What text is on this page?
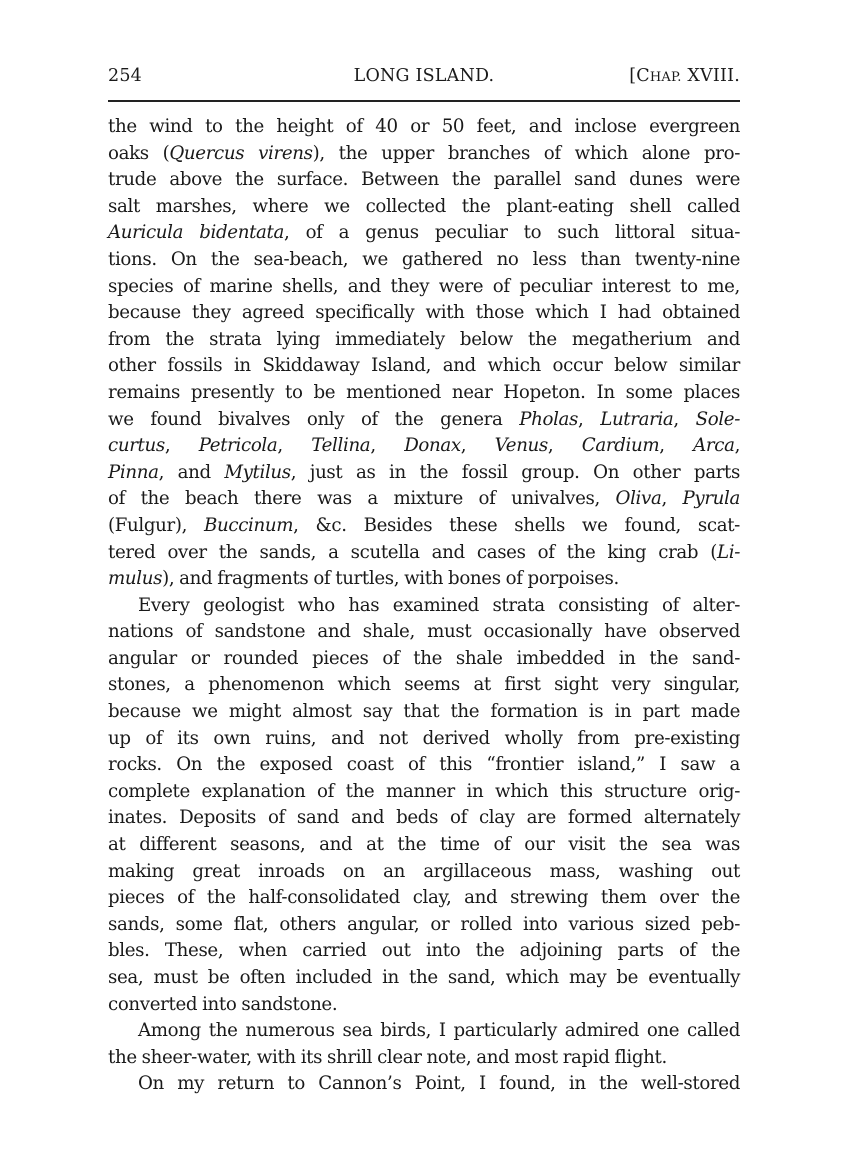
254	LONG ISLAND.	[CHAP. XVIII.
the wind to the height of 40 or 50 feet, and inclose evergreen
oaks (Quercus virens), the upper branches of which alone pro-
trude above the surface. Between the parallel sand dunes were
salt marshes, where we collected the plant-eating shell called
Auricula bidentata, of a genus peculiar to such littoral situa-
tions. On the sea-beach, we gathered no less than twenty-nine
species of marine shells, and they were of peculiar interest to me,
because they agreed specifically with those which I had obtained
from the strata lying immediately below the megatherium and
other fossils in Skiddaway Island, and which occur below similar
remains presently to be mentioned near Hopeton. In some places
we found bivalves only of the genera Pholas, Lutraria, Sole-
curtus, Petricola, Tellina, Donax, Venus, Cardium, Arca,
Pinna, and Mytilus, just as in the fossil group. On other parts
of the beach there was a mixture of univalves, Oliva, Pyrula
(Fulgur), Buccinum, &c. Besides these shells we found, scat-
tered over the sands, a scutella and cases of the king crab (Li-
mulus), and fragments of turtles, with bones of porpoises.
Every geologist who has examined strata consisting of alter-
nations of sandstone and shale, must occasionally have observed
angular or rounded pieces of the shale imbedded in the sand-
stones, a phenomenon which seems at first sight very singular,
because we might almost say that the formation is in part made
up of its own ruins, and not derived wholly from pre-existing
rocks. On the exposed coast of this “frontier island,” I saw a
complete explanation of the manner in which this structure orig-
inates. Deposits of sand and beds of clay are formed alternately
at different seasons, and at the time of our visit the sea was
making great inroads on an argillaceous mass, washing out
pieces of the half-consolidated clay, and strewing them over the
sands, some flat, others angular, or rolled into various sized peb-
bles. These, when carried out into the adjoining parts of the
sea, must be often included in the sand, which may be eventually
converted into sandstone.
Among the numerous sea birds, I particularly admired one called
the sheer-water, with its shrill clear note, and most rapid flight.
On my return to Cannon’s Point, I found, in the well-stored
